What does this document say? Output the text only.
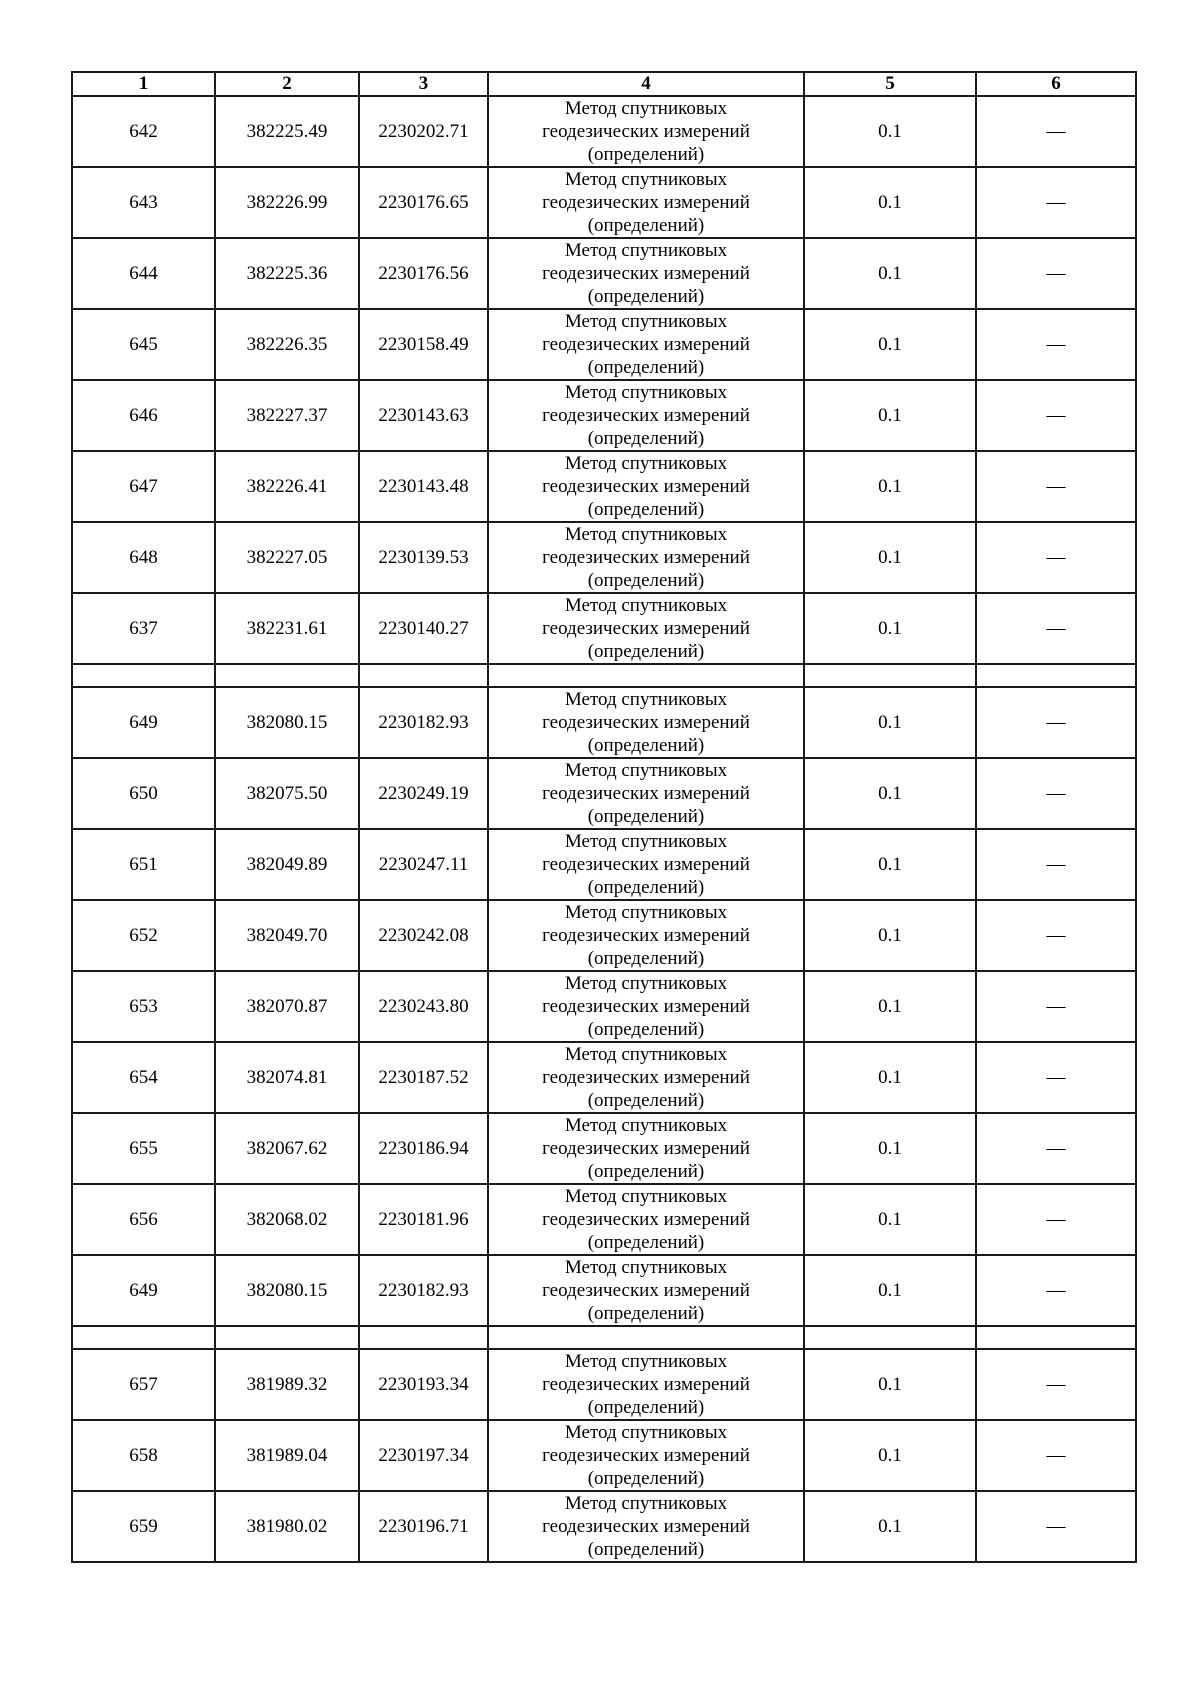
1	2	3	4	5	6
642	382225.49	2230202.71	Метод спутниковых
геодезических измерений
(определений)	0.1	—
643	382226.99	2230176.65	Метод спутниковых
геодезических измерений
(определений)	0.1	—
644	382225.36	2230176.56	Метод спутниковых
геодезических измерений
(определений)	0.1	—
645	382226.35	2230158.49	Метод спутниковых
геодезических измерений
(определений)	0.1	—
646	382227.37	2230143.63	Метод спутниковых
геодезических измерений
(определений)	0.1	—
647	382226.41	2230143.48	Метод спутниковых
геодезических измерений
(определений)	0.1	—
648	382227.05	2230139.53	Метод спутниковых
геодезических измерений
(определений)	0.1	—
637	382231.61	2230140.27	Метод спутниковых
геодезических измерений
(определений)	0.1	—

649	382080.15	2230182.93	Метод спутниковых
геодезических измерений
(определений)	0.1	—
650	382075.50	2230249.19	Метод спутниковых
геодезических измерений
(определений)	0.1	—
651	382049.89	2230247.11	Метод спутниковых
геодезических измерений
(определений)	0.1	—
652	382049.70	2230242.08	Метод спутниковых
геодезических измерений
(определений)	0.1	—
653	382070.87	2230243.80	Метод спутниковых
геодезических измерений
(определений)	0.1	—
654	382074.81	2230187.52	Метод спутниковых
геодезических измерений
(определений)	0.1	—
655	382067.62	2230186.94	Метод спутниковых
геодезических измерений
(определений)	0.1	—
656	382068.02	2230181.96	Метод спутниковых
геодезических измерений
(определений)	0.1	—
649	382080.15	2230182.93	Метод спутниковых
геодезических измерений
(определений)	0.1	—

657	381989.32	2230193.34	Метод спутниковых
геодезических измерений
(определений)	0.1	—
658	381989.04	2230197.34	Метод спутниковых
геодезических измерений
(определений)	0.1	—
659	381980.02	2230196.71	Метод спутниковых
геодезических измерений
(определений)	0.1	—
